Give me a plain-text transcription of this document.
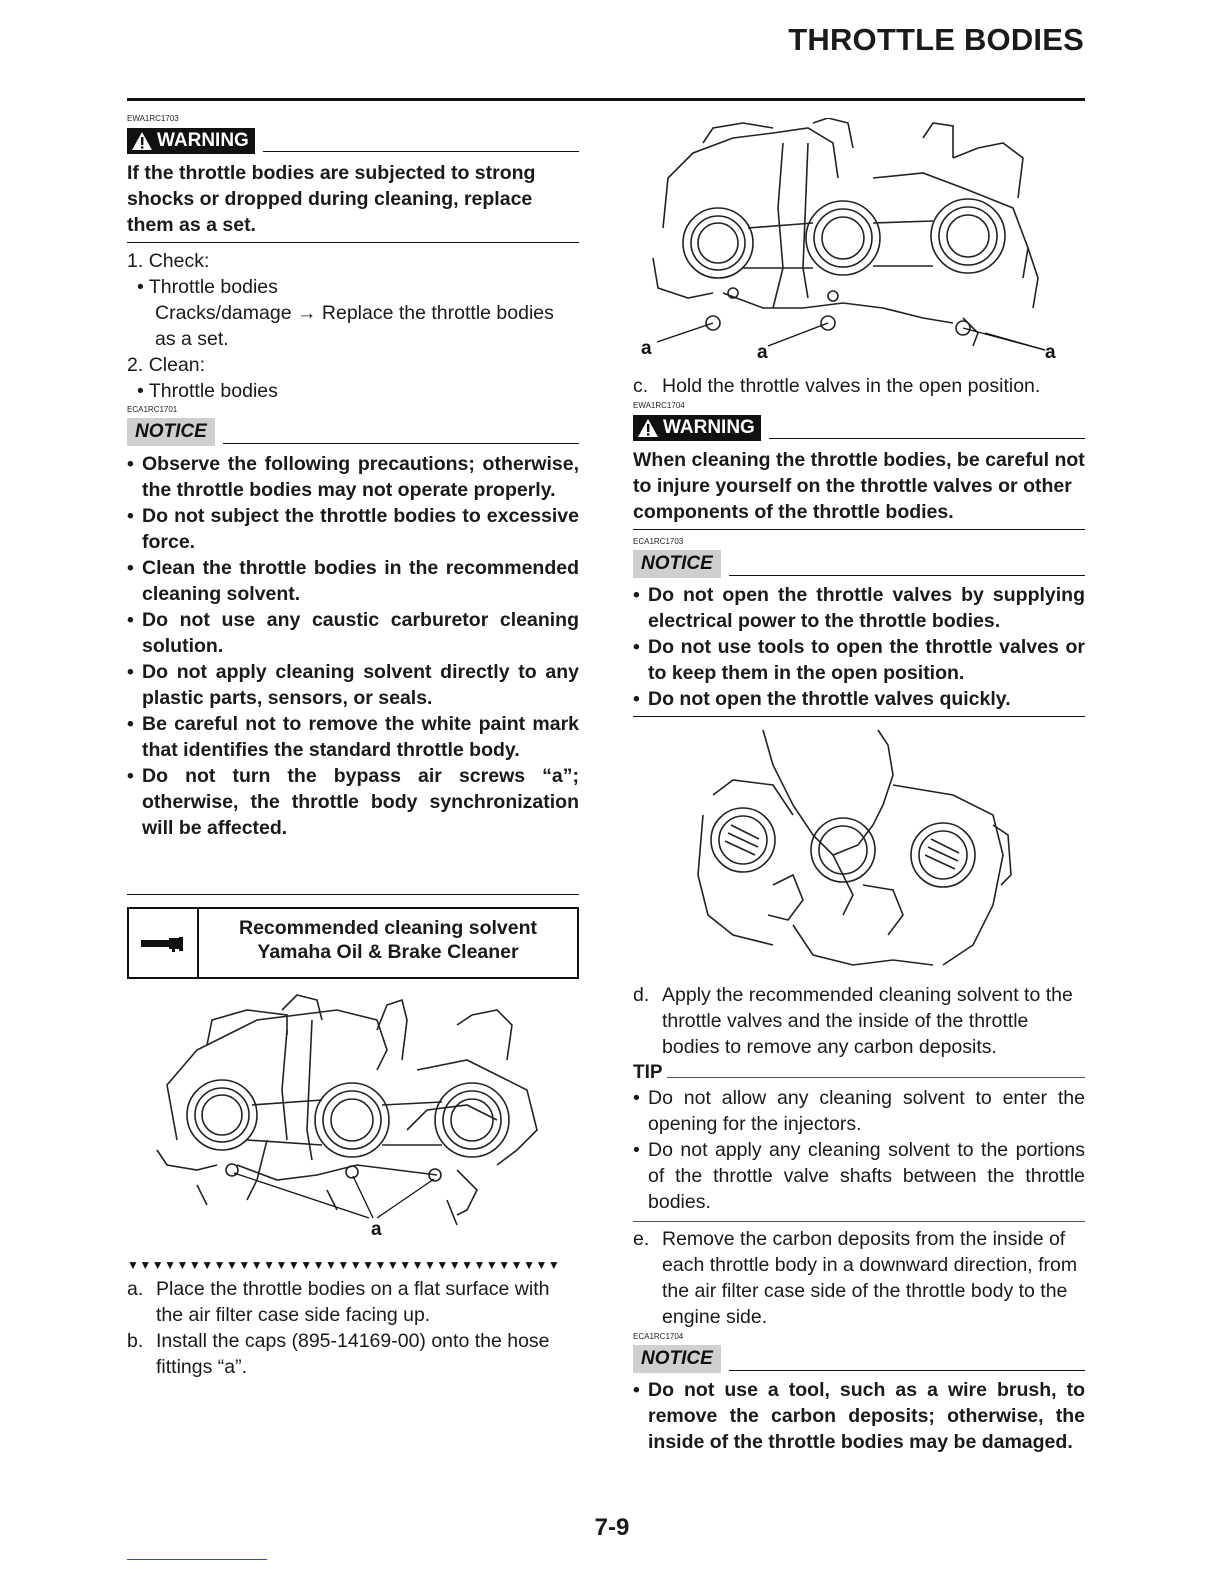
THROTTLE BODIES
EWA1RC1703
WARNING
If the throttle bodies are subjected to strong shocks or dropped during cleaning, replace them as a set.
1. Check:
• Throttle bodies
Cracks/damage → Replace the throttle bodies as a set.
2. Clean:
• Throttle bodies
ECA1RC1701
NOTICE
• Observe the following precautions; otherwise, the throttle bodies may not operate properly.
• Do not subject the throttle bodies to excessive force.
• Clean the throttle bodies in the recommended cleaning solvent.
• Do not use any caustic carburetor cleaning solution.
• Do not apply cleaning solvent directly to any plastic parts, sensors, or seals.
• Be careful not to remove the white paint mark that identifies the standard throttle body.
• Do not turn the bypass air screws “a”; otherwise, the throttle body synchronization will be affected.
Recommended cleaning solvent
Yamaha Oil & Brake Cleaner
a
▼▼▼▼▼▼▼▼▼▼▼▼▼▼▼▼▼▼▼▼▼▼▼▼▼▼▼▼▼▼▼▼▼▼▼
a. Place the throttle bodies on a flat surface with the air filter case side facing up.
b. Install the caps (895-14169-00) onto the hose fittings “a”.
a	a	a
c. Hold the throttle valves in the open position.
EWA1RC1704
WARNING
When cleaning the throttle bodies, be careful not to injure yourself on the throttle valves or other components of the throttle bodies.
ECA1RC1703
NOTICE
• Do not open the throttle valves by supplying electrical power to the throttle bodies.
• Do not use tools to open the throttle valves or to keep them in the open position.
• Do not open the throttle valves quickly.
d. Apply the recommended cleaning solvent to the throttle valves and the inside of the throttle bodies to remove any carbon deposits.
TIP
• Do not allow any cleaning solvent to enter the opening for the injectors.
• Do not apply any cleaning solvent to the portions of the throttle valve shafts between the throttle bodies.
e. Remove the carbon deposits from the inside of each throttle body in a downward direction, from the air filter case side of the throttle body to the engine side.
ECA1RC1704
NOTICE
• Do not use a tool, such as a wire brush, to remove the carbon deposits; otherwise, the inside of the throttle bodies may be damaged.
7-9
